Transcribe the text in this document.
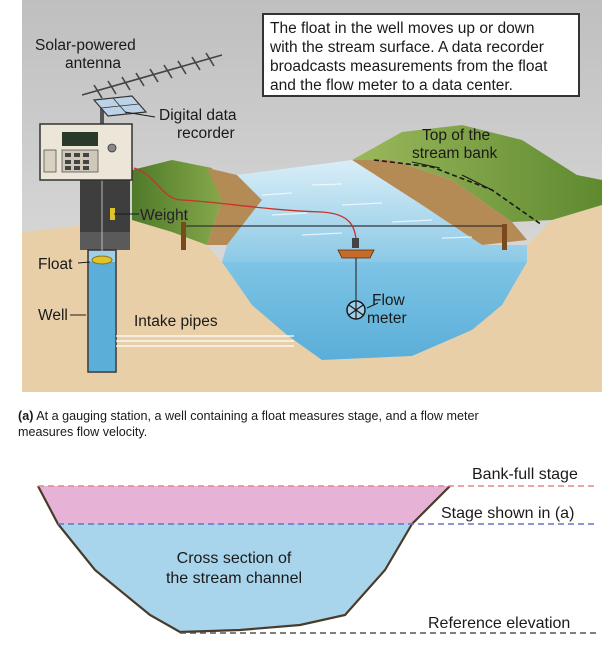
Solar-powered
antenna
Digital data
recorder	Top of the
stream bank
Weight
Float
Well	Intake pipes
Flow
meter
The float in the well moves up or down
with the stream surface. A data recorder
broadcasts measurements from the float
and the flow meter to a data center.
(a) At a gauging station, a well containing a float measures stage, and a flow meter
measures flow velocity.
Bank-full stage
Stage shown in (a)
Cross section of
the stream channel
Reference elevation
